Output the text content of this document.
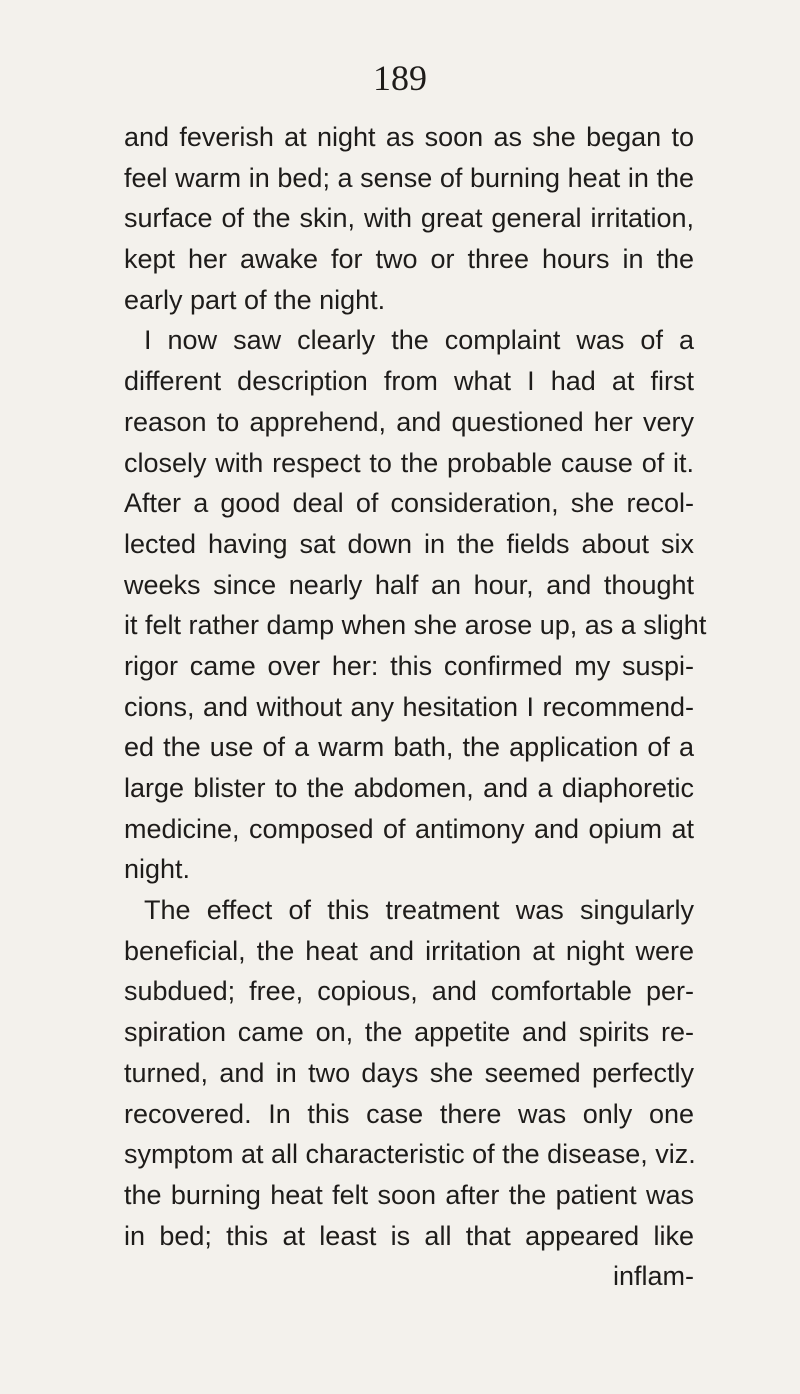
189
and feverish at night as soon as she began to
feel warm in bed; a sense of burning heat in the
surface of the skin, with great general irritation,
kept her awake for two or three hours in the
early part of the night.
I now saw clearly the complaint was of a
different description from what I had at first
reason to apprehend, and questioned her very
closely with respect to the probable cause of it.
After a good deal of consideration, she recol-
lected having sat down in the fields about six
weeks since nearly half an hour, and thought
it felt rather damp when she arose up, as a slight
rigor came over her: this confirmed my suspi-
cions, and without any hesitation I recommend-
ed the use of a warm bath, the application of a
large blister to the abdomen, and a diaphoretic
medicine, composed of antimony and opium at
night.
The effect of this treatment was singularly
beneficial, the heat and irritation at night were
subdued; free, copious, and comfortable per-
spiration came on, the appetite and spirits re-
turned, and in two days she seemed perfectly
recovered. In this case there was only one
symptom at all characteristic of the disease, viz.
the burning heat felt soon after the patient was
in bed; this at least is all that appeared like
inflam-
